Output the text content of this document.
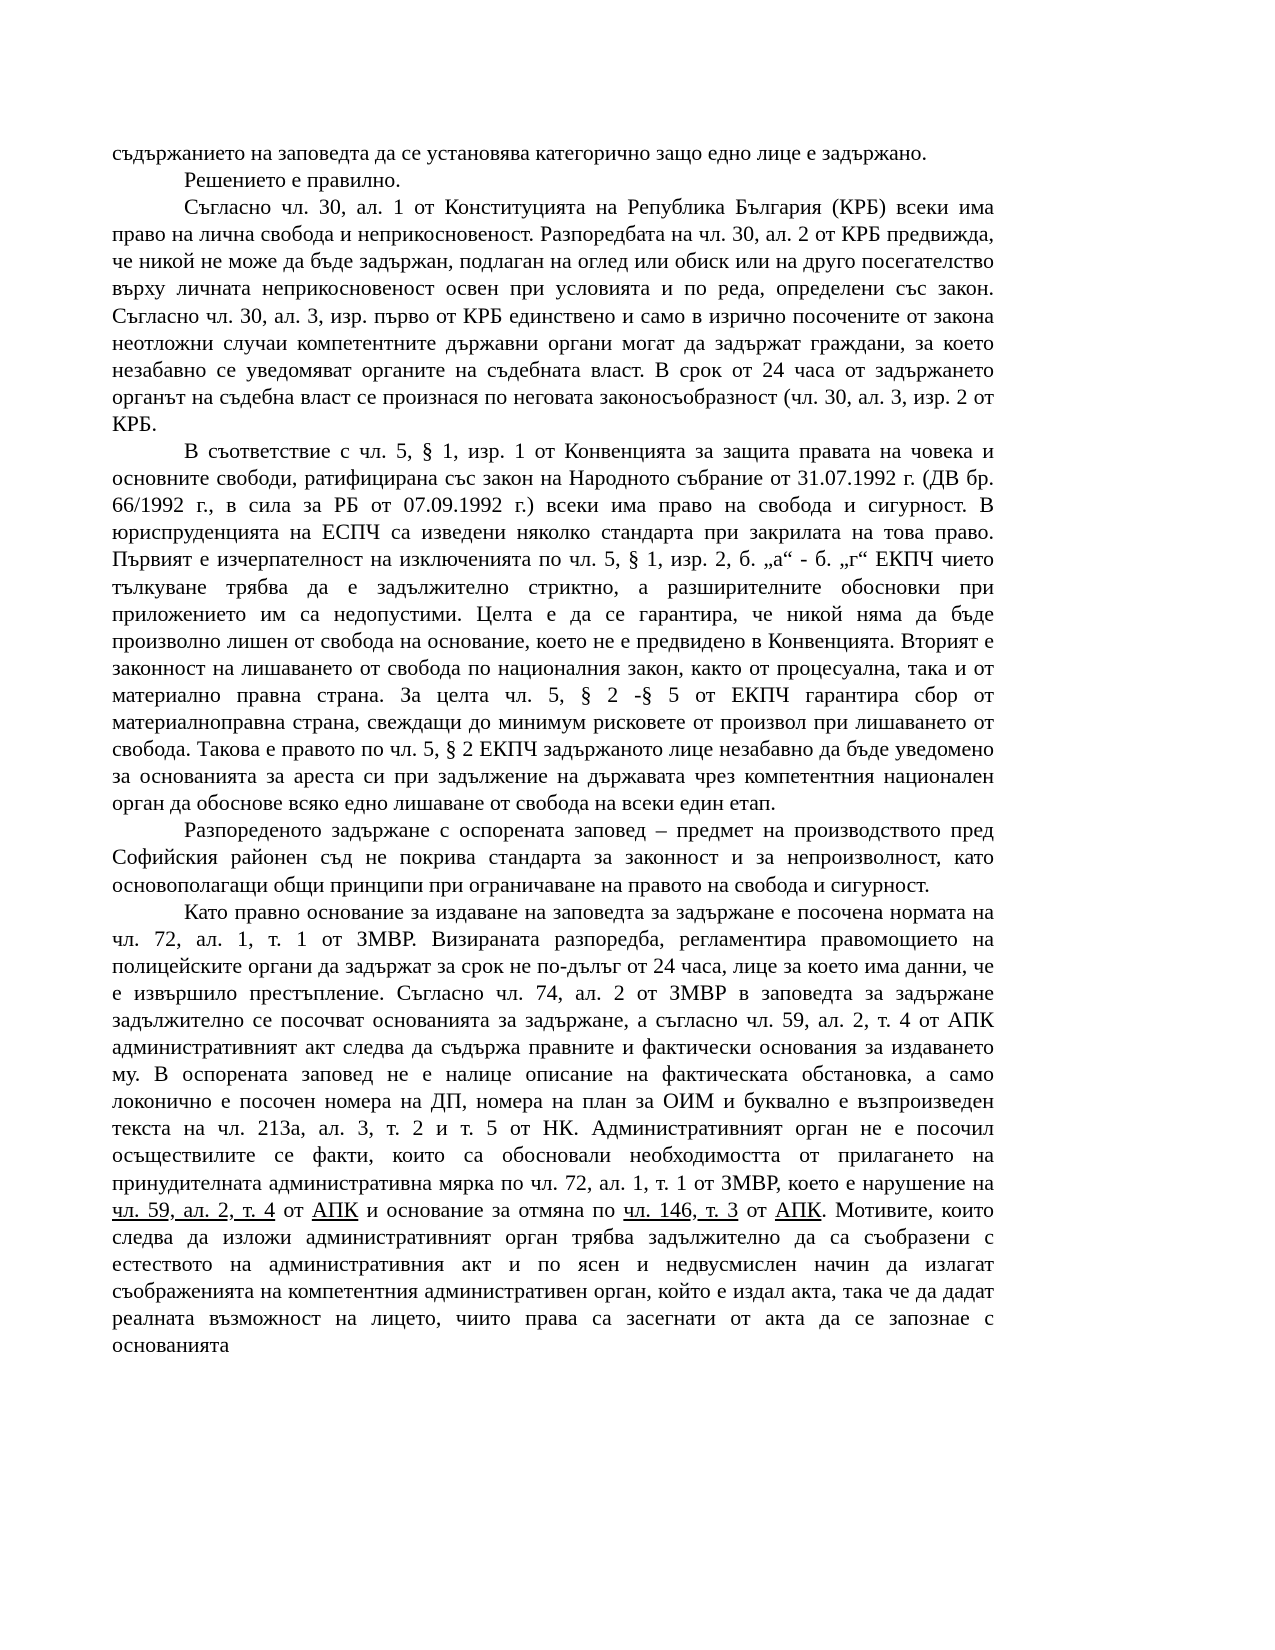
съдържанието на заповедта да се установява категорично защо едно лице е задържано.

Решението е правилно.

Съгласно чл. 30, ал. 1 от Конституцията на Република България (КРБ) всеки има право на лична свобода и неприкосновеност. Разпоредбата на чл. 30, ал. 2 от КРБ предвижда, че никой не може да бъде задържан, подлаган на оглед или обиск или на друго посегателство върху личната неприкосновеност освен при условията и по реда, определени със закон. Съгласно чл. 30, ал. 3, изр. първо от КРБ единствено и само в изрично посочените от закона неотложни случаи компетентните държавни органи могат да задържат граждани, за което незабавно се уведомяват органите на съдебната власт. В срок от 24 часа от задържането органът на съдебна власт се произнася по неговата законосъобразност (чл. 30, ал. 3, изр. 2 от КРБ.

В съответствие с чл. 5, § 1, изр. 1 от Конвенцията за защита правата на човека и основните свободи, ратифицирана със закон на Народното събрание от 31.07.1992 г. (ДВ бр. 66/1992 г., в сила за РБ от 07.09.1992 г.) всеки има право на свобода и сигурност. В юриспруденцията на ЕСПЧ са изведени няколко стандарта при закрилата на това право. Първият е изчерпателност на изключенията по чл. 5, § 1, изр. 2, б. „а“ - б. „г“ ЕКПЧ чието тълкуване трябва да е задължително стриктно, а разширителните обосновки при приложението им са недопустими. Целта е да се гарантира, че никой няма да бъде произволно лишен от свобода на основание, което не е предвидено в Конвенцията. Вторият е законност на лишаването от свобода по националния закон, както от процесуална, така и от материално правна страна. За целта чл. 5, § 2 -§ 5 от ЕКПЧ гарантира сбор от материалноправна страна, свеждащи до минимум рисковете от произвол при лишаването от свобода. Такова е правото по чл. 5, § 2 ЕКПЧ задържаното лице незабавно да бъде уведомено за основанията за ареста си при задължение на държавата чрез компетентния национален орган да обоснове всяко едно лишаване от свобода на всеки един етап.

Разпореденото задържане с оспорената заповед – предмет на производството пред Софийския районен съд не покрива стандарта за законност и за непроизволност, като основополагащи общи принципи при ограничаване на правото на свобода и сигурност.

Като правно основание за издаване на заповедта за задържане е посочена нормата на чл. 72, ал. 1, т. 1 от ЗМВР. Визираната разпоредба, регламентира правомощието на полицейските органи да задържат за срок не по-дълъг от 24 часа, лице за което има данни, че е извършило престъпление. Съгласно чл. 74, ал. 2 от ЗМВР в заповедта за задържане задължително се посочват основанията за задържане, а съгласно чл. 59, ал. 2, т. 4 от АПК административният акт следва да съдържа правните и фактически основания за издаването му. В оспорената заповед не е налице описание на фактическата обстановка, а само локонично е посочен номера на ДП, номера на план за ОИМ и буквално е възпроизведен текста на чл. 213а, ал. 3, т. 2 и т. 5 от НК. Административният орган не е посочил осъществилите се факти, които са обосновали необходимостта от прилагането на принудителната административна мярка по чл. 72, ал. 1, т. 1 от ЗМВР, което е нарушение на чл. 59, ал. 2, т. 4 от АПК и основание за отмяна по чл. 146, т. 3 от АПК. Мотивите, които следва да изложи административният орган трябва задължително да са съобразени с естеството на административния акт и по ясен и недвусмислен начин да излагат съображенията на компетентния административен орган, който е издал акта, така че да дадат реалната възможност на лицето, чиито права са засегнати от акта да се запознае с основанията
